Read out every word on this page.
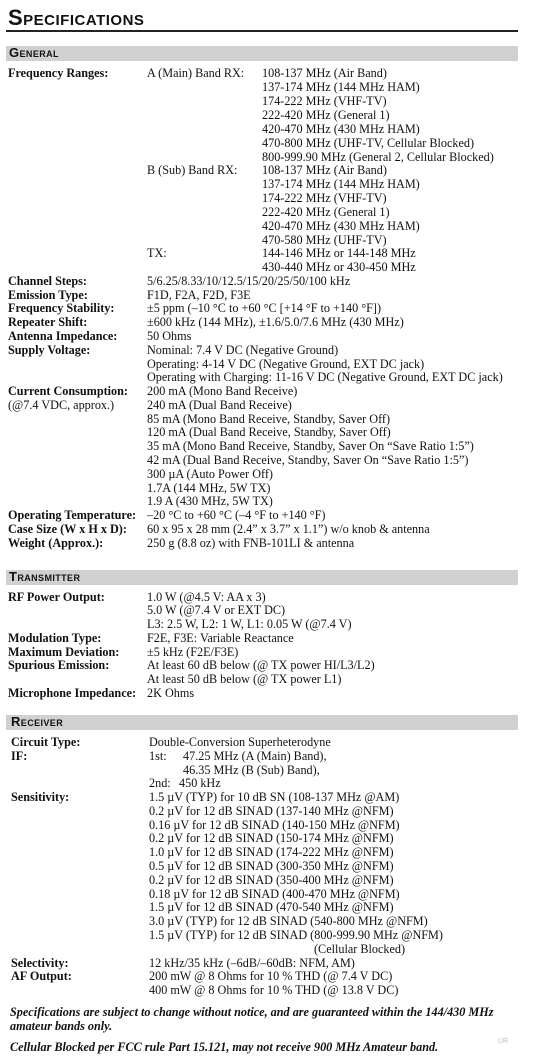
Specifications
General
Frequency Ranges:	A (Main) Band RX: 108-137 MHz (Air Band)
137-174 MHz (144 MHz HAM)
174-222 MHz (VHF-TV)
222-420 MHz (General 1)
420-470 MHz (430 MHz HAM)
470-800 MHz (UHF-TV, Cellular Blocked)
800-999.90 MHz (General 2, Cellular Blocked)
B (Sub) Band RX: 108-137 MHz (Air Band)
137-174 MHz (144 MHz HAM)
174-222 MHz (VHF-TV)
222-420 MHz (General 1)
420-470 MHz (430 MHz HAM)
470-580 MHz (UHF-TV)
TX:	144-146 MHz or 144-148 MHz
430-440 MHz or 430-450 MHz
Channel Steps:	5/6.25/8.33/10/12.5/15/20/25/50/100 kHz
Emission Type:	F1D, F2A, F2D, F3E
Frequency Stability:	±5 ppm (–10 °C to +60 °C [+14 °F to +140 °F])
Repeater Shift:	±600 kHz (144 MHz), ±1.6/5.0/7.6 MHz (430 MHz)
Antenna Impedance: 50 Ohms
Supply Voltage:	Nominal: 7.4 V DC (Negative Ground)
Operating: 4-14 V DC (Negative Ground, EXT DC jack)
Operating with Charging: 11-16 V DC (Negative Ground, EXT DC jack)
Current Consumption:
(@7.4 VDC, approx.)
200 mA (Mono Band Receive)
240 mA (Dual Band Receive)
85 mA (Mono Band Receive, Standby, Saver Off)
120 mA (Dual Band Receive, Standby, Saver Off)
35 mA (Mono Band Receive, Standby, Saver On “Save Ratio 1:5”)
42 mA (Dual Band Receive, Standby, Saver On “Save Ratio 1:5”)
300 µA (Auto Power Off)
1.7A (144 MHz, 5W TX)
1.9 A (430 MHz, 5W TX)
Operating Temperature: –20 °C to +60 °C (–4 °F to +140 °F)
Case Size (W x H x D): 60 x 95 x 28 mm (2.4” x 3.7” x 1.1”) w/o knob & antenna
Weight (Approx.):	250 g (8.8 oz) with FNB-101LI & antenna
Transmitter
RF Power Output:	1.0 W (@4.5 V: AA x 3)
5.0 W (@7.4 V or EXT DC)
L3: 2.5 W, L2: 1 W, L1: 0.05 W (@7.4 V)
Modulation Type:	F2E, F3E: Variable Reactance
Maximum Deviation: ±5 kHz (F2E/F3E)
Spurious Emission:	At least 60 dB below (@ TX power HI/L3/L2)
At least 50 dB below (@ TX power L1)
Microphone Impedance: 2K Ohms
Receiver
Circuit Type:	Double-Conversion Superheterodyne
IF:	1st: 47.25 MHz (A (Main) Band),
46.35 MHz (B (Sub) Band),
2nd: 450 kHz
Sensitivity:	1.5 µV (TYP) for 10 dB SN (108-137 MHz @AM)
0.2 µV for 12 dB SINAD (137-140 MHz @NFM)
0.16 µV for 12 dB SINAD (140-150 MHz @NFM)
0.2 µV for 12 dB SINAD (150-174 MHz @NFM)
1.0 µV for 12 dB SINAD (174-222 MHz @NFM)
0.5 µV for 12 dB SINAD (300-350 MHz @NFM)
0.2 µV for 12 dB SINAD (350-400 MHz @NFM)
0.18 µV for 12 dB SINAD (400-470 MHz @NFM)
1.5 µV for 12 dB SINAD (470-540 MHz @NFM)
3.0 µV (TYP) for 12 dB SINAD (540-800 MHz @NFM)
1.5 µV (TYP) for 12 dB SINAD (800-999.90 MHz @NFM)
(Cellular Blocked)
Selectivity:	12 kHz/35 kHz (–6dB/–60dB: NFM, AM)
AF Output:	200 mW @ 8 Ohms for 10 % THD (@ 7.4 V DC)
400 mW @ 8 Ohms for 10 % THD (@ 13.8 V DC)
Specifications are subject to change without notice, and are guaranteed within the 144/430 MHz amateur bands only.
Cellular Blocked per FCC rule Part 15.121, may not receive 900 MHz Amateur band.	UR
